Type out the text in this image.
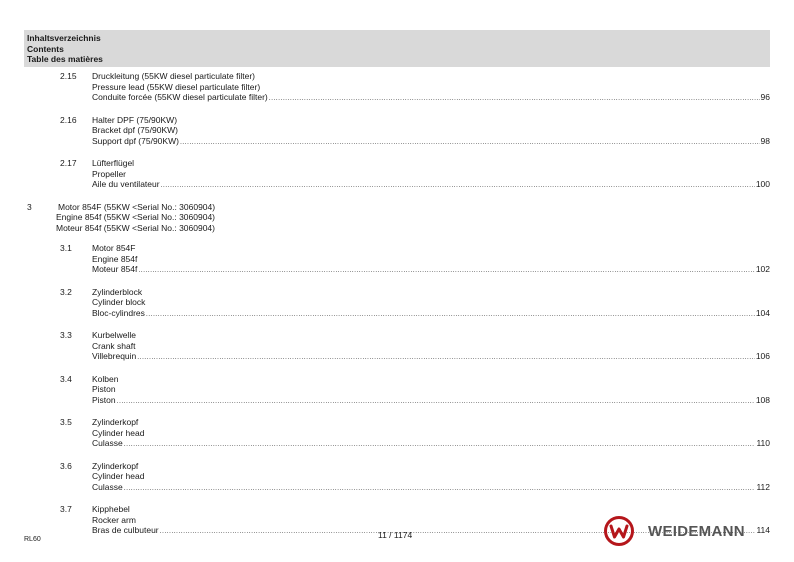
Inhaltsverzeichnis
Contents
Table des matières
2.15 Druckleitung (55KW diesel particulate filter)
Pressure lead (55KW diesel particulate filter)
Conduite forcée (55KW diesel particulate filter) .....	96
2.16 Halter DPF (75/90KW)
Bracket dpf (75/90KW)
Support dpf (75/90KW) .....	98
2.17 Lüfterflügel
Propeller
Aile du ventilateur .....	100
3	Motor 854F (55KW <Serial No.: 3060904)
Engine 854f (55KW <Serial No.: 3060904)
Moteur 854f (55KW <Serial No.: 3060904)
3.1 Motor 854F
Engine 854f
Moteur 854f .....	102
3.2 Zylinderblock
Cylinder block
Bloc-cylindres .....	104
3.3 Kurbelwelle
Crank shaft
Villebrequin .....	106
3.4 Kolben
Piston
Piston .....	108
3.5 Zylinderkopf
Cylinder head
Culasse .....	110
3.6 Zylinderkopf
Cylinder head
Culasse .....	112
3.7 Kipphebel
Rocker arm
Bras de culbuteur .....	114
RL60	11 / 1174	WEIDEMANN
